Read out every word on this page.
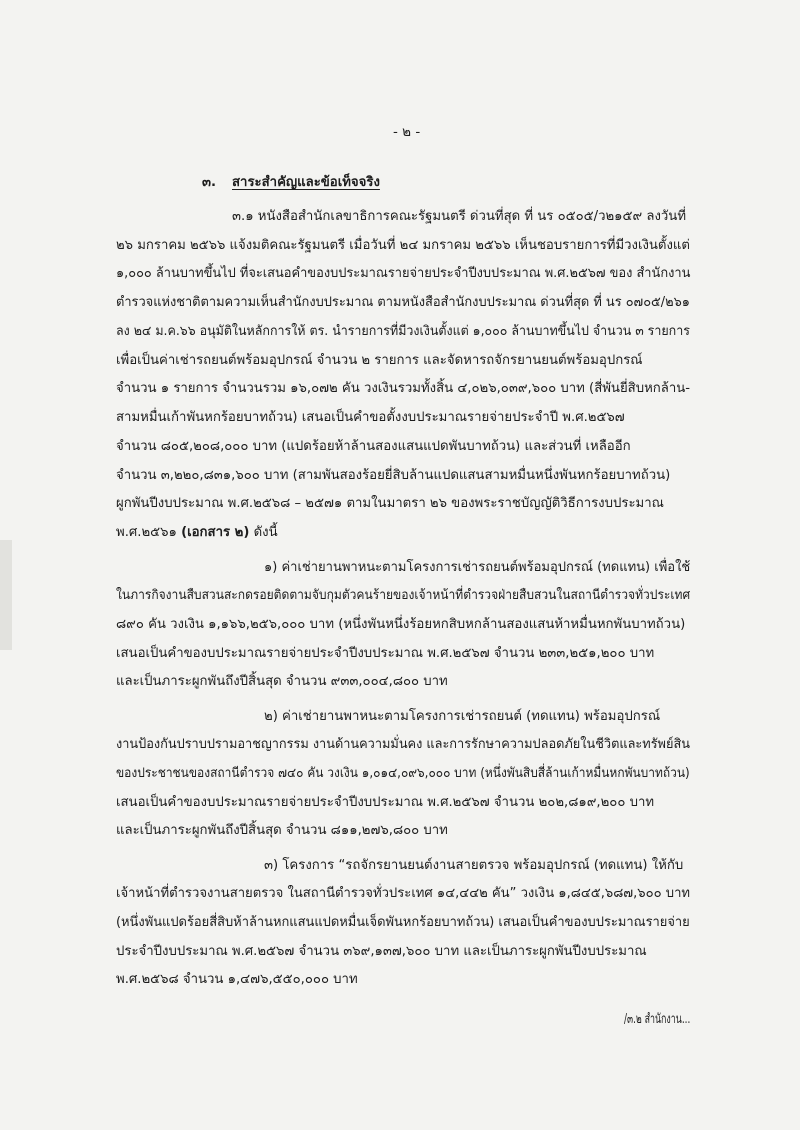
- ๒ -
๓. สาระสำคัญและข้อเท็จจริง
๓.๑ หนังสือสำนักเลขาธิการคณะรัฐมนตรี ด่วนที่สุด ที่ นร ๐๕๐๕/ว๒๑๕๙ ลงวันที่
๒๖ มกราคม ๒๕๖๖ แจ้งมติคณะรัฐมนตรี เมื่อวันที่ ๒๔ มกราคม ๒๕๖๖ เห็นชอบรายการที่มีวงเงินตั้งแต่
๑,๐๐๐ ล้านบาทขึ้นไป ที่จะเสนอคำของบประมาณรายจ่ายประจำปีงบประมาณ พ.ศ.๒๕๖๗ ของ สำนักงาน
ตำรวจแห่งชาติตามความเห็นสำนักงบประมาณ ตามหนังสือสำนักงบประมาณ ด่วนที่สุด ที่ นร ๐๗๐๕/๒๖๑
ลง ๒๔ ม.ค.๖๖ อนุมัติในหลักการให้ ตร. นำรายการที่มีวงเงินตั้งแต่ ๑,๐๐๐ ล้านบาทขึ้นไป จำนวน ๓ รายการ
เพื่อเป็นค่าเช่ารถยนต์พร้อมอุปกรณ์ จำนวน ๒ รายการ และจัดหารถจักรยานยนต์พร้อมอุปกรณ์
จำนวน ๑ รายการ จำนวนรวม ๑๖,๐๗๒ คัน วงเงินรวมทั้งสิ้น ๔,๐๒๖,๐๓๙,๖๐๐ บาท (สี่พันยี่สิบหกล้าน-
สามหมื่นเก้าพันหกร้อยบาทถ้วน) เสนอเป็นคำขอตั้งงบประมาณรายจ่ายประจำปี พ.ศ.๒๕๖๗
จำนวน ๘๐๕,๒๐๘,๐๐๐ บาท (แปดร้อยห้าล้านสองแสนแปดพันบาทถ้วน) และส่วนที่ เหลืออีก
จำนวน ๓,๒๒๐,๘๓๑,๖๐๐ บาท (สามพันสองร้อยยี่สิบล้านแปดแสนสามหมื่นหนึ่งพันหกร้อยบาทถ้วน)
ผูกพันปีงบประมาณ พ.ศ.๒๕๖๘ – ๒๕๗๑ ตามในมาตรา ๒๖ ของพระราชบัญญัติวิธีการงบประมาณ
พ.ศ.๒๕๖๑ (เอกสาร ๒) ดังนี้
๑) ค่าเช่ายานพาหนะตามโครงการเช่ารถยนต์พร้อมอุปกรณ์ (ทดแทน) เพื่อใช้
ในภารกิจงานสืบสวนสะกดรอยติดตามจับกุมตัวคนร้ายของเจ้าหน้าที่ตำรวจฝ่ายสืบสวนในสถานีตำรวจทั่วประเทศ
๘๙๐ คัน วงเงิน ๑,๑๖๖,๒๕๖,๐๐๐ บาท (หนึ่งพันหนึ่งร้อยหกสิบหกล้านสองแสนห้าหมื่นหกพันบาทถ้วน)
เสนอเป็นคำของบประมาณรายจ่ายประจำปีงบประมาณ พ.ศ.๒๕๖๗ จำนวน ๒๓๓,๒๕๑,๒๐๐ บาท
และเป็นภาระผูกพันถึงปีสิ้นสุด จำนวน ๙๓๓,๐๐๔,๘๐๐ บาท
๒) ค่าเช่ายานพาหนะตามโครงการเช่ารถยนต์ (ทดแทน) พร้อมอุปกรณ์
งานป้องกันปราบปรามอาชญากรรม งานด้านความมั่นคง และการรักษาความปลอดภัยในชีวิตและทรัพย์สิน
ของประชาชนของสถานีตำรวจ ๗๔๐ คัน วงเงิน ๑,๐๑๔,๐๙๖,๐๐๐ บาท (หนึ่งพันสิบสี่ล้านเก้าหมื่นหกพันบาทถ้วน)
เสนอเป็นคำของบประมาณรายจ่ายประจำปีงบประมาณ พ.ศ.๒๕๖๗ จำนวน ๒๐๒,๘๑๙,๒๐๐ บาท
และเป็นภาระผูกพันถึงปีสิ้นสุด จำนวน ๘๑๑,๒๗๖,๘๐๐ บาท
๓) โครงการ “รถจักรยานยนต์งานสายตรวจ พร้อมอุปกรณ์ (ทดแทน) ให้กับ
เจ้าหน้าที่ตำรวจงานสายตรวจ ในสถานีตำรวจทั่วประเทศ ๑๔,๔๔๒ คัน” วงเงิน ๑,๘๔๕,๖๘๗,๖๐๐ บาท
(หนึ่งพันแปดร้อยสี่สิบห้าล้านหกแสนแปดหมื่นเจ็ดพันหกร้อยบาทถ้วน) เสนอเป็นคำของบประมาณรายจ่าย
ประจำปีงบประมาณ พ.ศ.๒๕๖๗ จำนวน ๓๖๙,๑๓๗,๖๐๐ บาท และเป็นภาระผูกพันปีงบประมาณ
พ.ศ.๒๕๖๘ จำนวน ๑,๔๗๖,๕๕๐,๐๐๐ บาท
/๓.๒ สำนักงาน...
